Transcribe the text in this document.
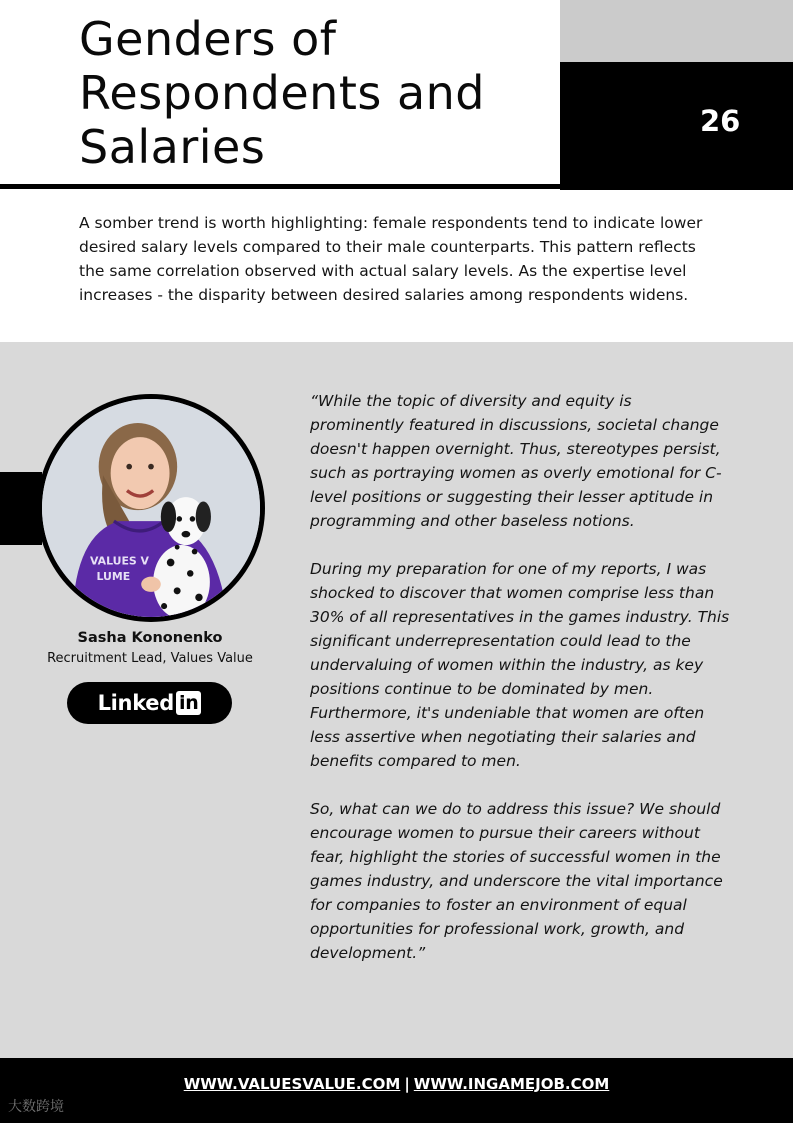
26
Genders of Respondents and Salaries

A somber trend is worth highlighting: female respondents tend to indicate lower desired salary levels compared to their male counterparts. This pattern reflects the same correlation observed with actual salary levels. As the expertise level increases - the disparity between desired salaries among respondents widens.

VALUES V
LUME
Sasha Kononenko
Recruitment Lead, Values Value
Linked in

“While the topic of diversity and equity is prominently featured in discussions, societal change doesn't happen overnight. Thus, stereotypes persist, such as portraying women as overly emotional for C-level positions or suggesting their lesser aptitude in programming and other baseless notions.

During my preparation for one of my reports, I was shocked to discover that women comprise less than 30% of all representatives in the games industry. This significant underrepresentation could lead to the undervaluing of women within the industry, as key positions continue to be dominated by men. Furthermore, it's undeniable that women are often less assertive when negotiating their salaries and benefits compared to men.

So, what can we do to address this issue? We should encourage women to pursue their careers without fear, highlight the stories of successful women in the games industry, and underscore the vital importance for companies to foster an environment of equal opportunities for professional work, growth, and development.”

WWW.VALUESVALUE.COM | WWW.INGAMEJOB.COM
大数跨境
